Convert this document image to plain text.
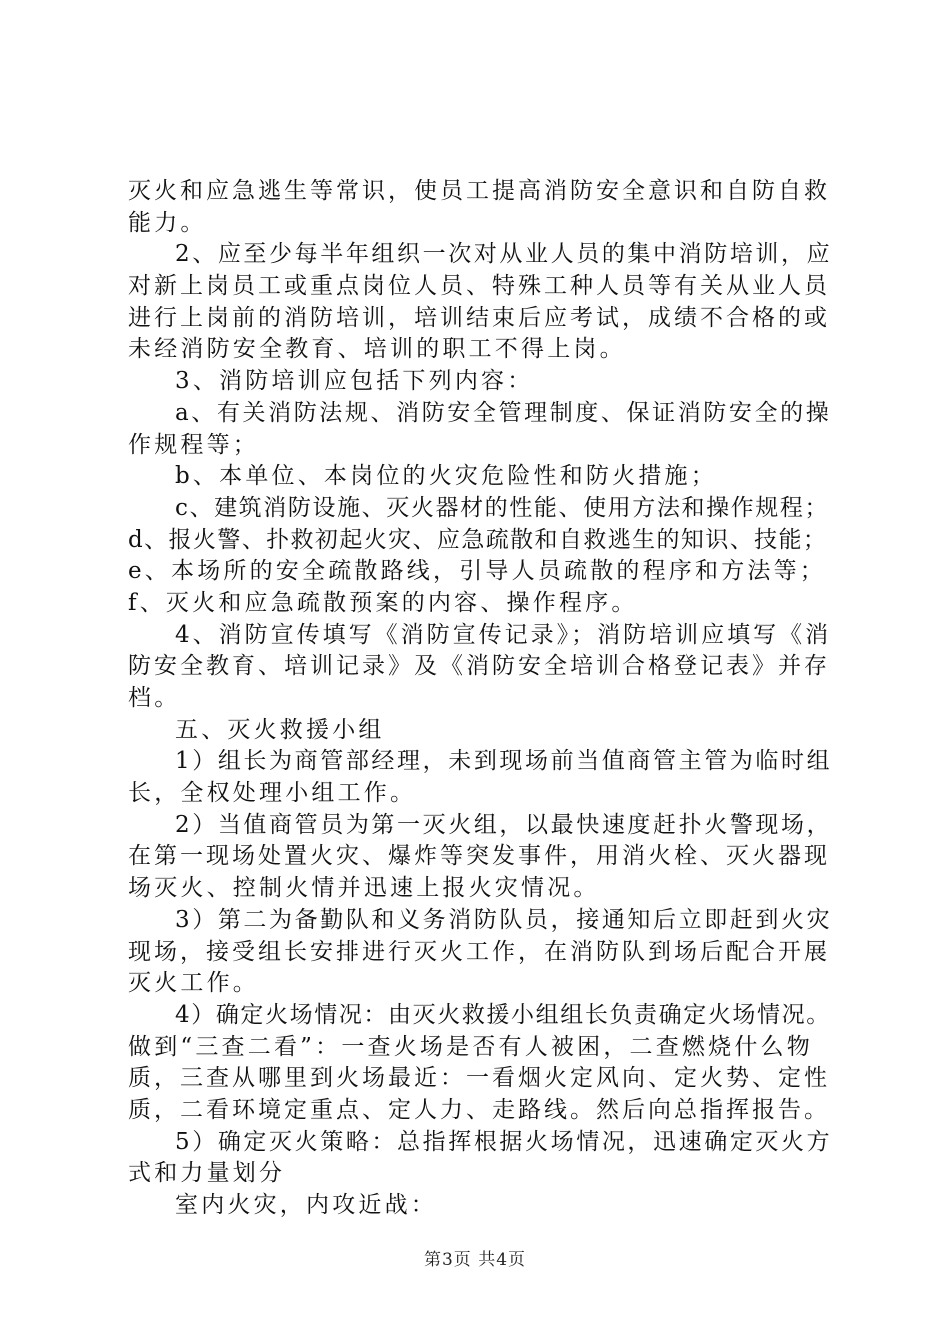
灭火和应急逃生等常识，使员工提高消防安全意识和自防自救
能力。
2、应至少每半年组织一次对从业人员的集中消防培训，应
对新上岗员工或重点岗位人员、特殊工种人员等有关从业人员
进行上岗前的消防培训，培训结束后应考试，成绩不合格的或
未经消防安全教育、培训的职工不得上岗。
3、消防培训应包括下列内容：
a、有关消防法规、消防安全管理制度、保证消防安全的操
作规程等；
b、本单位、本岗位的火灾危险性和防火措施；
c、建筑消防设施、灭火器材的性能、使用方法和操作规程；
d、报火警、扑救初起火灾、应急疏散和自救逃生的知识、技能；
e、本场所的安全疏散路线，引导人员疏散的程序和方法等；
f、灭火和应急疏散预案的内容、操作程序。
4、消防宣传填写《消防宣传记录》；消防培训应填写《消
防安全教育、培训记录》及《消防安全培训合格登记表》并存
档。
五、灭火救援小组
1）组长为商管部经理，未到现场前当值商管主管为临时组
长，全权处理小组工作。
2）当值商管员为第一灭火组，以最快速度赶扑火警现场，
在第一现场处置火灾、爆炸等突发事件，用消火栓、灭火器现
场灭火、控制火情并迅速上报火灾情况。
3）第二为备勤队和义务消防队员，接通知后立即赶到火灾
现场，接受组长安排进行灭火工作，在消防队到场后配合开展
灭火工作。
4）确定火场情况：由灭火救援小组组长负责确定火场情况。
做到“三查二看”：一查火场是否有人被困，二查燃烧什么物
质，三查从哪里到火场最近：一看烟火定风向、定火势、定性
质，二看环境定重点、定人力、走路线。然后向总指挥报告。
5）确定灭火策略：总指挥根据火场情况，迅速确定灭火方
式和力量划分
室内火灾，内攻近战：
第3页 共4页
